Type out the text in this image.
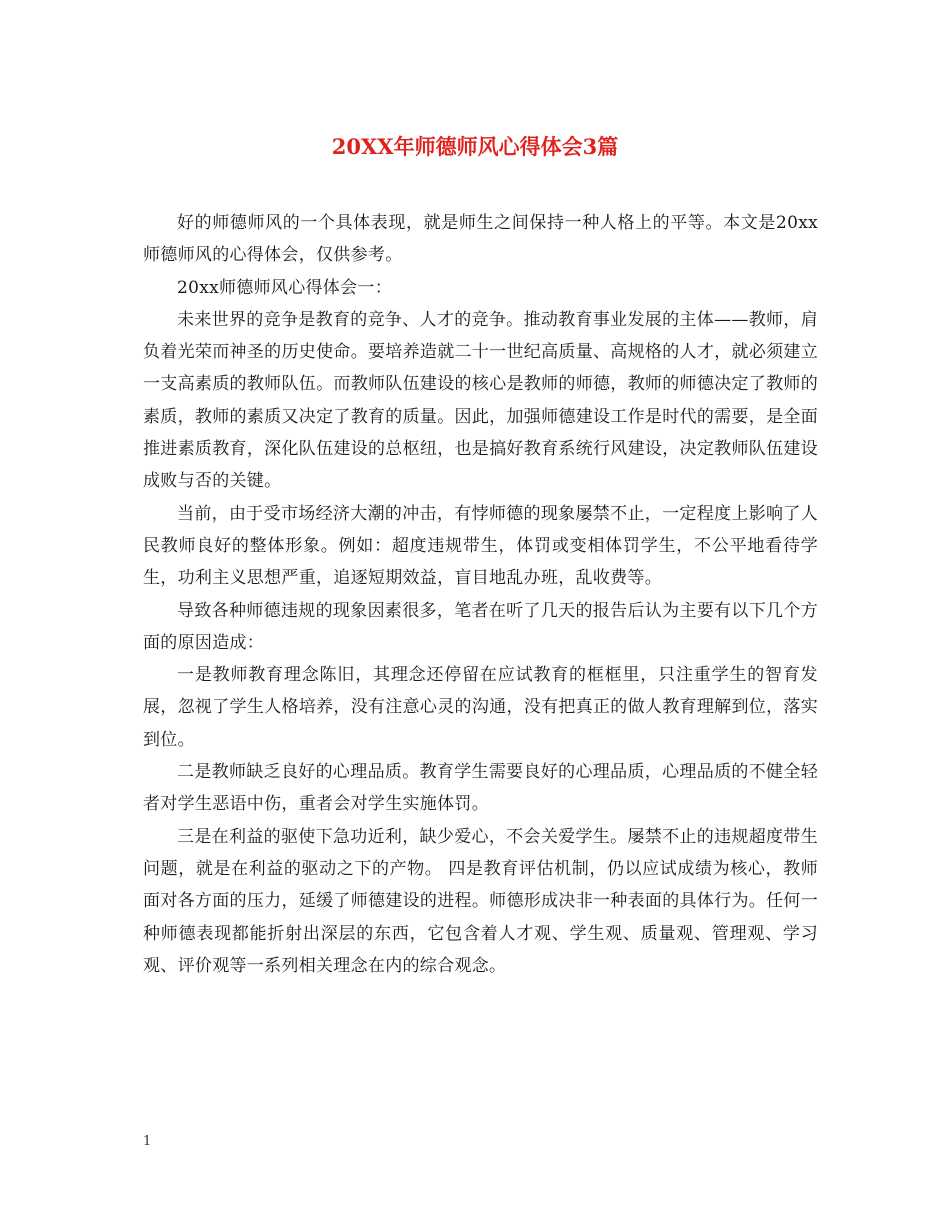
20XX年师德师风心得体会3篇

好的师德师风的一个具体表现，就是师生之间保持一种人格上的平等。本文是20xx师德师风的心得体会，仅供参考。

20xx师德师风心得体会一：

未来世界的竞争是教育的竞争、人才的竞争。推动教育事业发展的主体——教师，肩负着光荣而神圣的历史使命。要培养造就二十一世纪高质量、高规格的人才，就必须建立一支高素质的教师队伍。而教师队伍建设的核心是教师的师德，教师的师德决定了教师的素质，教师的素质又决定了教育的质量。因此，加强师德建设工作是时代的需要，是全面推进素质教育，深化队伍建设的总枢纽，也是搞好教育系统行风建设，决定教师队伍建设成败与否的关键。

当前，由于受市场经济大潮的冲击，有悖师德的现象屡禁不止，一定程度上影响了人民教师良好的整体形象。例如：超度违规带生，体罚或变相体罚学生，不公平地看待学生，功利主义思想严重，追逐短期效益，盲目地乱办班，乱收费等。

导致各种师德违规的现象因素很多，笔者在听了几天的报告后认为主要有以下几个方面的原因造成：

一是教师教育理念陈旧，其理念还停留在应试教育的框框里，只注重学生的智育发展，忽视了学生人格培养，没有注意心灵的沟通，没有把真正的做人教育理解到位，落实到位。

二是教师缺乏良好的心理品质。教育学生需要良好的心理品质，心理品质的不健全轻者对学生恶语中伤，重者会对学生实施体罚。

三是在利益的驱使下急功近利，缺少爱心，不会关爱学生。屡禁不止的违规超度带生问题，就是在利益的驱动之下的产物。 四是教育评估机制，仍以应试成绩为核心，教师面对各方面的压力，延缓了师德建设的进程。师德形成决非一种表面的具体行为。任何一种师德表现都能折射出深层的东西，它包含着人才观、学生观、质量观、管理观、学习观、评价观等一系列相关理念在内的综合观念。

1
